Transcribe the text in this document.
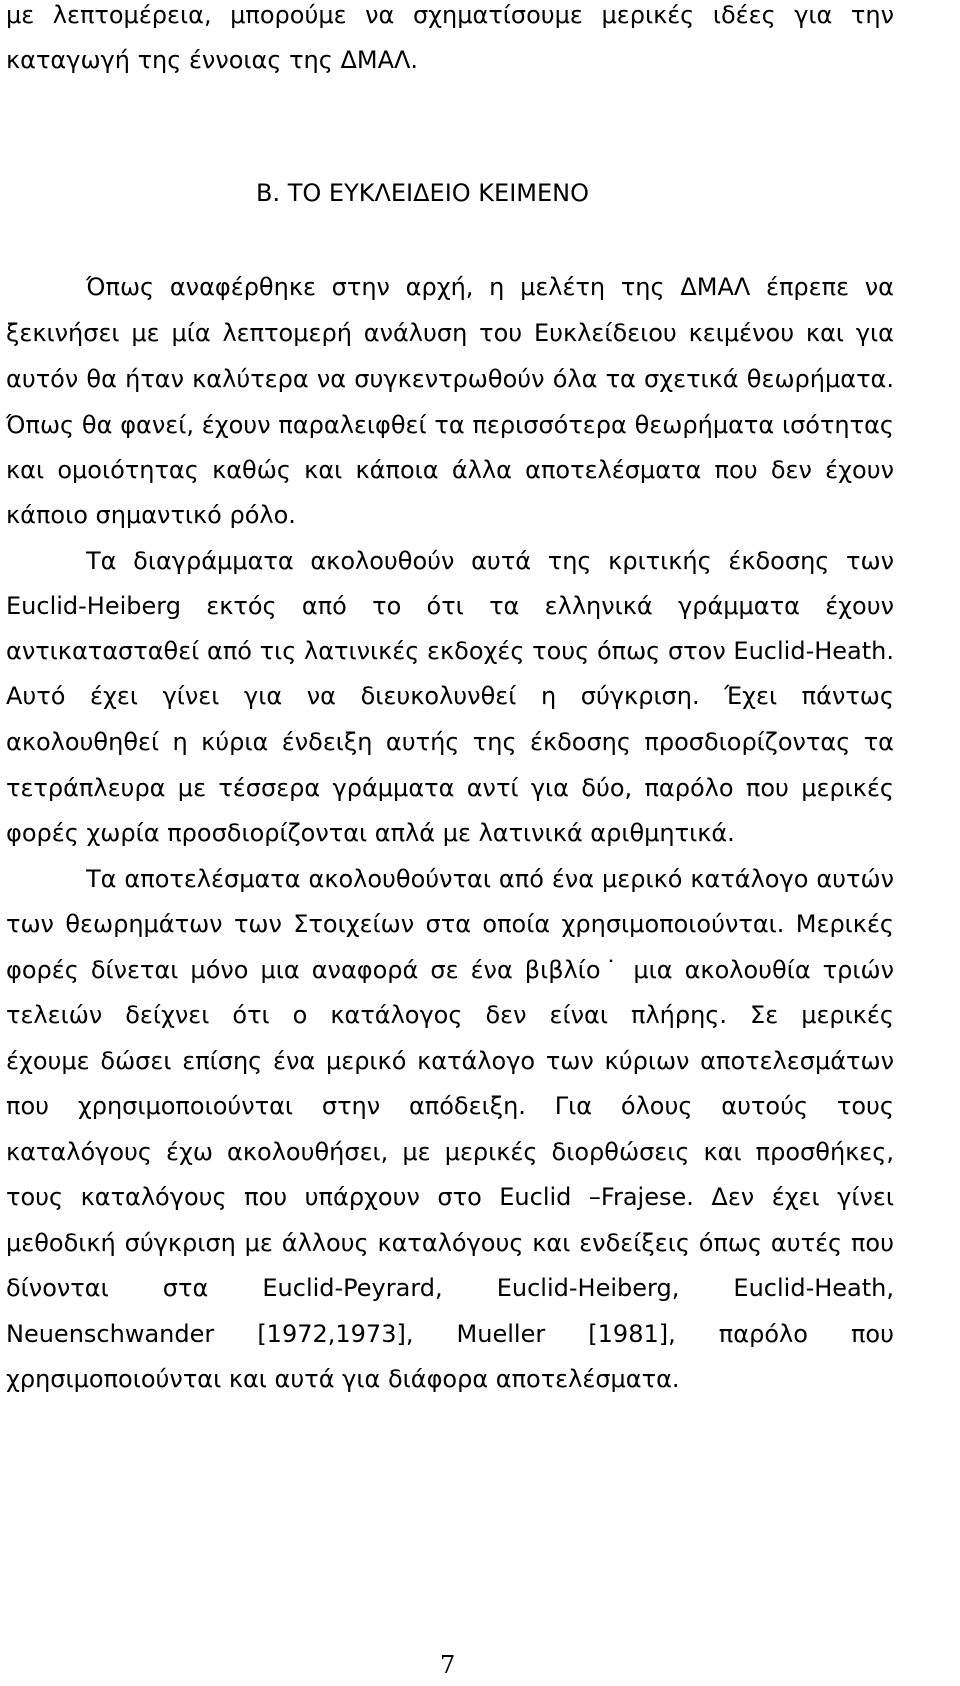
με λεπτομέρεια, μπορούμε να σχηματίσουμε μερικές ιδέες για την
καταγωγή της έννοιας της ΔΜΑΛ.
Β. ΤΟ ΕΥΚΛΕΙΔΕΙΟ ΚΕΙΜΕΝΟ
Όπως αναφέρθηκε στην αρχή, η μελέτη της ΔΜΑΛ έπρεπε να
ξεκινήσει με μία λεπτομερή ανάλυση του Ευκλείδειου κειμένου και για
αυτόν θα ήταν καλύτερα να συγκεντρωθούν όλα τα σχετικά θεωρήματα.
Όπως θα φανεί, έχουν παραλειφθεί τα περισσότερα θεωρήματα ισότητας
και ομοιότητας καθώς και κάποια άλλα αποτελέσματα που δεν έχουν
κάποιο σημαντικό ρόλο.
Τα διαγράμματα ακολουθούν αυτά της κριτικής έκδοσης των
Euclid-Heiberg εκτός από το ότι τα ελληνικά γράμματα έχουν
αντικατασταθεί από τις λατινικές εκδοχές τους όπως στον Euclid-Heath.
Αυτό έχει γίνει για να διευκολυνθεί η σύγκριση. Έχει πάντως
ακολουθηθεί η κύρια ένδειξη αυτής της έκδοσης προσδιορίζοντας τα
τετράπλευρα με τέσσερα γράμματα αντί για δύο, παρόλο που μερικές
φορές χωρία προσδιορίζονται απλά με λατινικά αριθμητικά.
Τα αποτελέσματα ακολουθούνται από ένα μερικό κατάλογο αυτών
των θεωρημάτων των Στοιχείων στα οποία χρησιμοποιούνται. Μερικές
φορές δίνεται μόνο μια αναφορά σε ένα βιβλίο˙ μια ακολουθία τριών
τελειών δείχνει ότι ο κατάλογος δεν είναι πλήρης. Σε μερικές
έχουμε δώσει επίσης ένα μερικό κατάλογο των κύριων αποτελεσμάτων
που χρησιμοποιούνται στην απόδειξη. Για όλους αυτούς τους
καταλόγους έχω ακολουθήσει, με μερικές διορθώσεις και προσθήκες,
τους καταλόγους που υπάρχουν στο Euclid –Frajese. Δεν έχει γίνει
μεθοδική σύγκριση με άλλους καταλόγους και ενδείξεις όπως αυτές που
δίνονται στα Euclid-Peyrard, Euclid-Heiberg, Euclid-Heath,
Neuenschwander [1972,1973], Mueller [1981], παρόλο που
χρησιμοποιούνται και αυτά για διάφορα αποτελέσματα.
7
